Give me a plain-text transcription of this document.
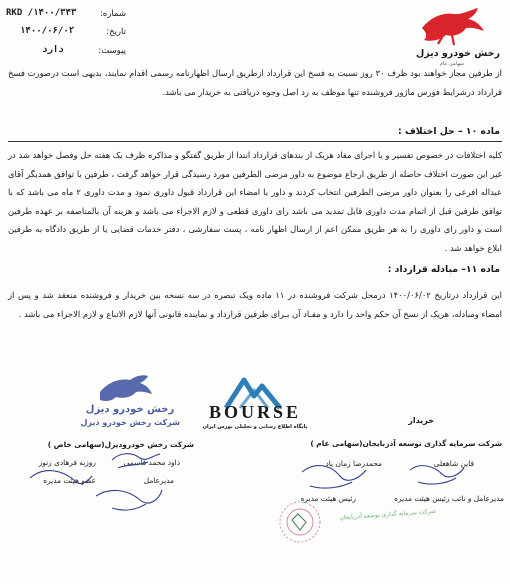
رخش خودرو دیزل
سهامی عام
RKD /۱۴۰۰/۳۴۳	شماره:
۱۴۰۰/۰۶/۰۲	تاریخ:
دارد	پیوست:
از طرفین مجاز خواهند بود ظرف ۳۰ روز نسبت به فسخ این قرارداد ازطریق ارسال اظهارنامه رسمی اقدام نمایند، بدیهی است درصورت فسخ قرارداد درشرایط فورس ماژور فروشنده تنها موظف به رد اصل وجوه دریافتی به خریدار می باشد.
ماده ۱۰ – حل اختلاف :
کلیه اختلافات در خصوص تفسیر و یا اجرای مفاد هریک از بندهای قرارداد ابتدا از طریق گفتگو و مذاکره ظرف یک هفته حل وفصل خواهد شد در غیر این صورت اختلاف حاصله از طریق ارجاع موضوع به داور مرضی الطرفین مورد رسیدگی قرار خواهد گرفت ، طرفین با توافق همدیگر آقای عبداله افرعی را بعنوان داور مرضی الطرفین انتخاب کردند و داور با امضاء این قرارداد قبول داوری نمود و مدت داوری ۲ ماه می باشد که با توافق طرفین قبل از اتمام مدت داوری قابل تمدید می باشد رای داوری قطعی و لازم الاجراء می باشد و هزینه آن بالمناصفه بر عهده طرفین است و داور رای داوری را به هر طریق ممکن اعم از ارسال اظهار نامه ، پست سفارشی ، دفتر خدمات قضایی یا از طریق دادگاه به طرفین ابلاغ خواهد شد .
ماده ۱۱– مبادله قرارداد :
این قرارداد درتاریخ ۱۴۰۰/۰۶/۰۲ درمحل شرکت فروشنده در ۱۱ ماده ویک تبصره در سه نسخه بین خریدار و فروشنده منعقد شد و پس از امضاء ومبادله، هریک از نسخ آن حکم واحد را دارد و مفـاد آن بـرای طرفین قرارداد و نماینده قانونی آنها لازم الاتباع و لازم الاجراء می باشد .
رخش خودرو دیزل
شرکت رخش خودرو دیزل
BOURSE
پایگاه اطلاع رسانی و تحلیلی بورس ایران
خریدار
شرکت رخش خودرودیزل(سهامی خاص )
داود محمد قاسمی
روزبه فرهادی زنوز
مدیرعامل
عضو هیئت مدیره
شرکت سرمایه گذاری توسعه آذربایجان(سهامی عام )
قاین شاهعلی
محمدرضا زمان یاد
مدیرعامل و نائب رئیس هیئت مدیره
رئیس هیئت مدیره
شرکت سرمایه گذاری توسعه آذربایجان
